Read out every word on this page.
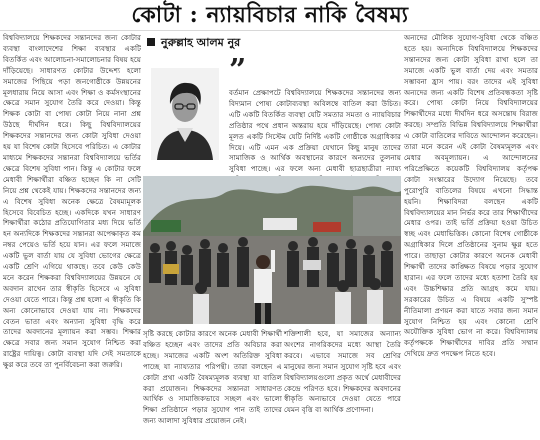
কোটা : ন্যায়বিচার নাকি বৈষম্য

বিশ্ববিদ্যালয়ে শিক্ষকদের সন্তানদের জন্য কোটার ব্যবস্থা বাংলাদেশের শিক্ষা ব্যবস্থার একটি বিতর্কিত এবং আলোচনা-সমালোচনার বিষয় হয়ে দাঁড়িয়েছে। সাধারণত কোটার উদ্দেশ্য হলো সমাজের পিছিয়ে পড়া জনগোষ্ঠীকে উন্নয়নের মূলধারায় নিয়ে আসা এবং শিক্ষা ও কর্মসংস্থানের ক্ষেত্রে সমান সুযোগ তৈরি করে দেওয়া। কিন্তু শিক্ষক কোটা বা পোষ্য কোটা নিয়ে নানা প্রশ্ন উঠছে দীর্ঘদিন ধরে। কিছু বিশ্ববিদ্যালয়ের শিক্ষকদের সন্তানদের জন্য কোটা সুবিধা দেওয়া হয় যা বিশেষ কোটা হিসেবে পরিচিত। এ কোটার মাধ্যমে শিক্ষকদের সন্তানরা বিশ্ববিদ্যালয়ে ভর্তির ক্ষেত্রে বিশেষ সুবিধা পান। কিন্তু এ কোটার ফলে মেধাবী শিক্ষার্থীরা বঞ্চিত হচ্ছেন কি না সেটি নিয়ে প্রশ্ন থেকেই যায়। শিক্ষকদের সন্তানদের জন্য এ বিশেষ সুবিধা অনেক ক্ষেত্রে বৈষম্যমূলক হিসেবে বিবেচিত হচ্ছে। একদিকে যখন সাধারণ শিক্ষার্থীরা কঠোর প্রতিযোগিতার মধ্য দিয়ে ভর্তি হন অন্যদিকে শিক্ষকদের সন্তানরা অপেক্ষাকৃত কম নম্বর পেয়েও ভর্তি হয়ে যান। এর ফলে সমাজে একটি ভুল বার্তা যায় যে সুবিধা ভোগের ক্ষেত্রে একটি শ্রেণি এগিয়ে থাকছে। তবে কেউ কেউ মনে করেন শিক্ষকরা বিশ্ববিদ্যালয়ের উন্নয়নে যে অবদান রাখেন তার স্বীকৃতি হিসেবে এ সুবিধা দেওয়া যেতে পারে। কিন্তু প্রশ্ন হলো এ স্বীকৃতি কি অন্য কোনোভাবে দেওয়া যায় না। শিক্ষকদের বেতন ভাতা এবং অন্যান্য সুবিধা বৃদ্ধি করে তাদের অবদানের মূল্যায়ন করা সম্ভব। শিক্ষার ক্ষেত্রে সবার জন্য সমান সুযোগ নিশ্চিত করা রাষ্ট্রের দায়িত্ব। কোটা ব্যবস্থা যদি সেই সমতাকে ক্ষুণ্ণ করে তবে তা পুনর্বিবেচনা করা জরুরি।

নুরুল্লাহ আলম নুর
”
বর্তমান প্রেক্ষাপটে বিশ্ববিদ্যালয়ে শিক্ষকদের সন্তানদের জন্য বিদ্যমান পোষ্য কোটাব্যবস্থা অবিলম্বে বাতিল করা উচিত। এটি একটি বিতর্কিত ব্যবস্থা যেটি সমতার সমতা ও ন্যায়বিচার প্রতিষ্ঠার পথে প্রধান অন্তরায় হয়ে দাঁড়িয়েছে। পোষ্য কোটা মূলত একটি সিস্টেম যেটি নির্দিষ্ট একটি গোষ্ঠীকে অগ্রাধিকার দিয়ে। এটি এমন এক প্রক্রিয়া যেখানে কিছু মানুষ তাদের সামাজিক ও আর্থিক অবস্থানের কারণে অন্যদের তুলনায় সুবিধা পাচ্ছে। এর ফলে অন্য মেধাবী ছাত্রছাত্রীরা ন্যায্য

সৃষ্টি করছে কোটার কারণে অনেক মেধাবী শিক্ষার্থী বঞ্চিত হচ্ছেন এবং তাদের প্রতি অবিচার করা হচ্ছে। সমাজের একটি অংশ অতিরিক্ত সুবিধা পাচ্ছে যা ন্যায্যতার পরিপন্থী। তারা বলছেন এ কোটা প্রথা একটি বৈষম্যমূলক ব্যবস্থা যা বাতিল করা প্রয়োজন। শিক্ষকদের সন্তানরা সাধারণত আর্থিক ও সামাজিকভাবে সচ্ছল এবং ভালো শিক্ষা প্রতিষ্ঠানে পড়ার সুযোগ পান তাই তাদের জন্য আলাদা সুবিধার প্রয়োজন নেই।

শক্তিশালী হবে, যা সমাজের অন্যান্য অংশের নাগরিকদের মধ্যে আস্থা তৈরি করবে। এভাবে সমাজে সব শ্রেণির মানুষের জন্য সমান সুযোগ সৃষ্টি হবে এবং বিশ্ববিদ্যালয়গুলো প্রকৃত অর্থে মেধাবীদের কেন্দ্রে পরিণত হবে। শিক্ষকদের অবদানের স্বীকৃতি অন্যভাবে দেওয়া যেতে পারে যেমন বৃত্তি বা আর্থিক প্রণোদনা।

অন্যদের মৌলিক সুযোগ-সুবিধা থেকে বঞ্চিত হতে হয়। অন্যদিকে বিশ্ববিদ্যালয়ে শিক্ষকদের সন্তানদের জন্য কোটা সুবিধা রাখা হলে তা সমাজে একটি ভুল বার্তা দেয় এবং সমতার সম্ভাবনা হ্রাস পায়। বরং তাদের এই সুবিধা অন্যদের জন্য একটি বিশেষ প্রতিবন্ধকতা সৃষ্টি করে। পোষ্য কোটা নিয়ে বিশ্ববিদ্যালয়ের শিক্ষার্থীদের মধ্যে দীর্ঘদিন ধরে অসন্তোষ বিরাজ করছে। সম্প্রতি বিভিন্ন বিশ্ববিদ্যালয়ে শিক্ষার্থীরা এ কোটা বাতিলের দাবিতে আন্দোলন করেছেন। তারা মনে করেন এই কোটা বৈষম্যমূলক এবং মেধার অবমূল্যায়ন। এ আন্দোলনের পরিপ্রেক্ষিতে কয়েকটি বিশ্ববিদ্যালয় কর্তৃপক্ষ কোটা সংস্কারের উদ্যোগ নিয়েছে। তবে পুরোপুরি বাতিলের বিষয়ে এখনো সিদ্ধান্ত হয়নি। শিক্ষাবিদরা বলছেন একটি বিশ্ববিদ্যালয়ের মান নির্ভর করে তার শিক্ষার্থীদের মেধার ওপর। তাই ভর্তি প্রক্রিয়া হওয়া উচিত স্বচ্ছ এবং মেধাভিত্তিক। কোনো বিশেষ গোষ্ঠীকে অগ্রাধিকার দিলে প্রতিষ্ঠানের সুনাম ক্ষুণ্ণ হতে পারে। তাছাড়া কোটার কারণে অনেক মেধাবী শিক্ষার্থী তাদের কাঙ্ক্ষিত বিষয়ে পড়ার সুযোগ হারান। এর ফলে তাদের মধ্যে হতাশা তৈরি হয় এবং উচ্চশিক্ষার প্রতি আগ্রহ কমে যায়। সরকারের উচিত এ বিষয়ে একটি সুস্পষ্ট নীতিমালা প্রণয়ন করা যাতে সবার জন্য সমান সুযোগ নিশ্চিত হয় এবং কোনো শ্রেণি অযৌক্তিক সুবিধা ভোগ না করে। বিশ্ববিদ্যালয় কর্তৃপক্ষকে শিক্ষার্থীদের দাবির প্রতি সম্মান দেখিয়ে দ্রুত পদক্ষেপ নিতে হবে।
